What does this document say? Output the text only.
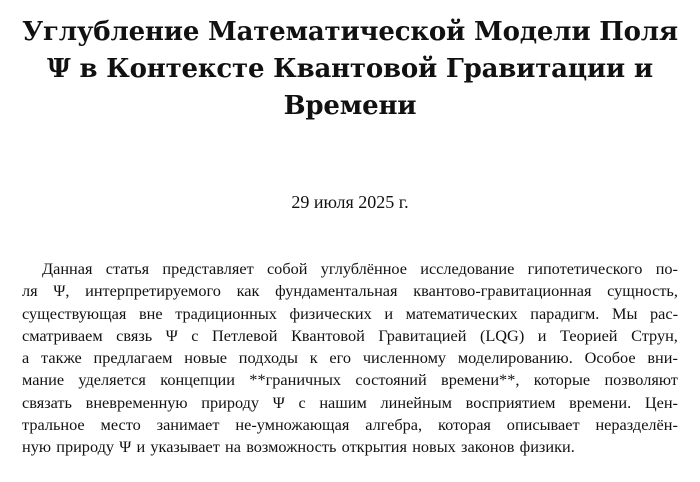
Углубление Математической Модели Поля
Ψ в Контексте Квантовой Гравитации и
Времени

29 июля 2025 г.

Данная статья представляет собой углублённое исследование гипотетического по-
ля Ψ, интерпретируемого как фундаментальная квантово-гравитационная сущность,
существующая вне традиционных физических и математических парадигм. Мы рас-
сматриваем связь Ψ с Петлевой Квантовой Гравитацией (LQG) и Теорией Струн,
а также предлагаем новые подходы к его численному моделированию. Особое вни-
мание уделяется концепции **граничных состояний времени**, которые позволяют
связать вневременную природу Ψ с нашим линейным восприятием времени. Цен-
тральное место занимает не-умножающая алгебра, которая описывает неразделён-
ную природу Ψ и указывает на возможность открытия новых законов физики.
